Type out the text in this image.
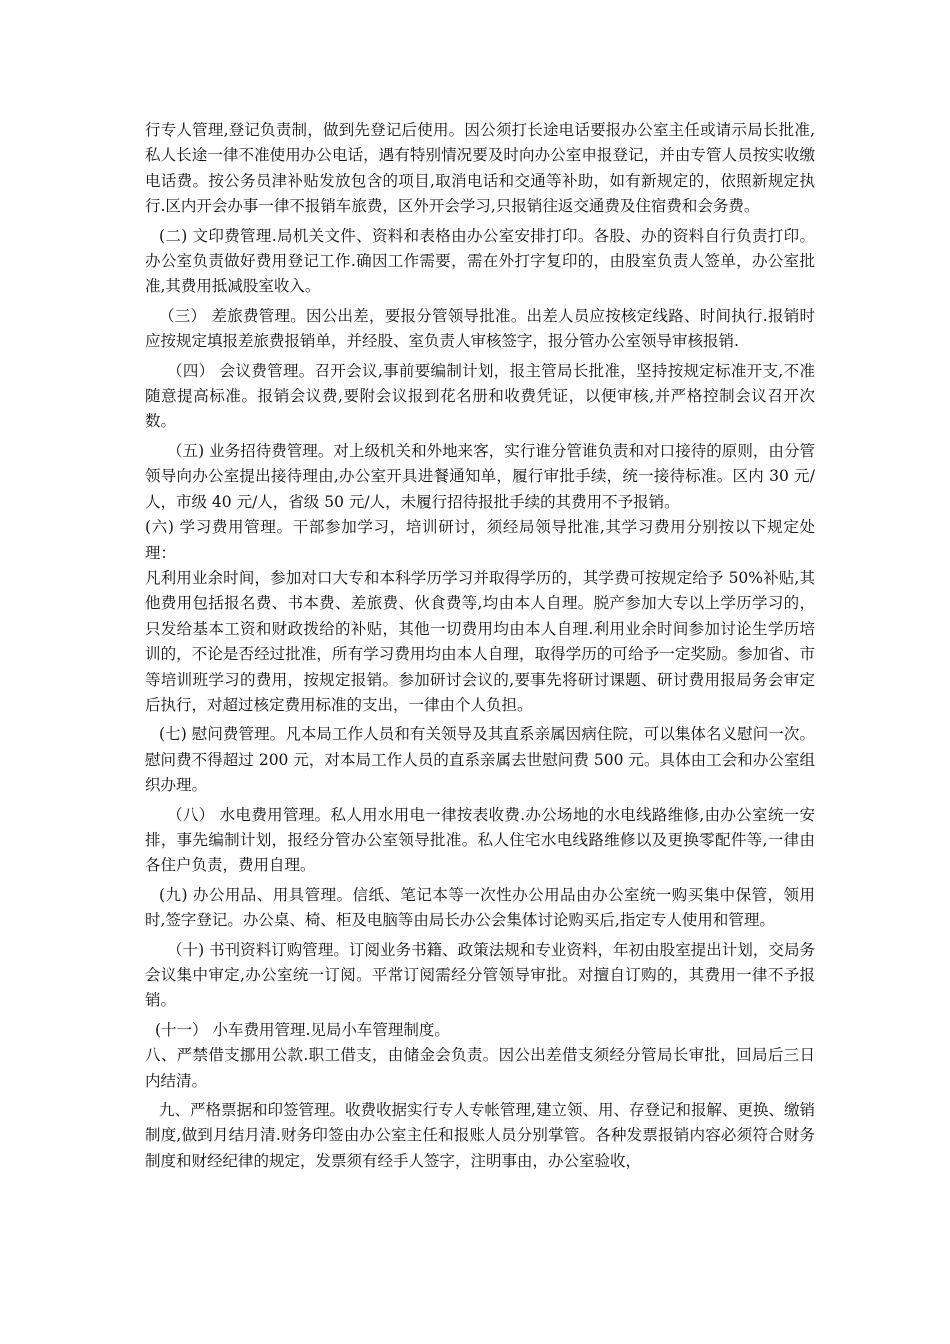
行专人管理,登记负责制，做到先登记后使用。因公须打长途电话要报办公室主任或请示局长批准,私人长途一律不准使用办公电话，遇有特别情况要及时向办公室申报登记，并由专管人员按实收缴电话费。按公务员津补贴发放包含的项目,取消电话和交通等补助，如有新规定的，依照新规定执行.区内开会办事一律不报销车旅费，区外开会学习,只报销往返交通费及住宿费和会务费。

(二) 文印费管理.局机关文件、资料和表格由办公室安排打印。各股、办的资料自行负责打印。办公室负责做好费用登记工作.确因工作需要，需在外打字复印的，由股室负责人签单，办公室批准,其费用抵减股室收入。

（三） 差旅费管理。因公出差，要报分管领导批准。出差人员应按核定线路、时间执行.报销时应按规定填报差旅费报销单，并经股、室负责人审核签字，报分管办公室领导审核报销.

（四） 会议费管理。召开会议,事前要编制计划，报主管局长批准，坚持按规定标准开支,不准随意提高标准。报销会议费,要附会议报到花名册和收费凭证，以便审核,并严格控制会议召开次数。

（五) 业务招待费管理。对上级机关和外地来客，实行谁分管谁负责和对口接待的原则，由分管领导向办公室提出接待理由,办公室开具进餐通知单，履行审批手续，统一接待标准。区内 30 元/人，市级 40 元/人，省级 50 元/人，未履行招待报批手续的其费用不予报销。

(六) 学习费用管理。干部参加学习，培训研讨，须经局领导批准,其学习费用分别按以下规定处理：

凡利用业余时间，参加对口大专和本科学历学习并取得学历的，其学费可按规定给予 50%补贴,其他费用包括报名费、书本费、差旅费、伙食费等,均由本人自理。脱产参加大专以上学历学习的，只发给基本工资和财政拨给的补贴，其他一切费用均由本人自理.利用业余时间参加讨论生学历培训的，不论是否经过批准，所有学习费用均由本人自理，取得学历的可给予一定奖励。参加省、市等培训班学习的费用，按规定报销。参加研讨会议的,要事先将研讨课题、研讨费用报局务会审定后执行，对超过核定费用标准的支出，一律由个人负担。

(七) 慰问费管理。凡本局工作人员和有关领导及其直系亲属因病住院，可以集体名义慰问一次。慰问费不得超过 200 元，对本局工作人员的直系亲属去世慰问费 500 元。具体由工会和办公室组织办理。

（八） 水电费用管理。私人用水用电一律按表收费.办公场地的水电线路维修,由办公室统一安排，事先编制计划，报经分管办公室领导批准。私人住宅水电线路维修以及更换零配件等,一律由各住户负责，费用自理。

(九) 办公用品、用具管理。信纸、笔记本等一次性办公用品由办公室统一购买集中保管，领用时,签字登记。办公桌、椅、柜及电脑等由局长办公会集体讨论购买后,指定专人使用和管理。

（十) 书刊资料订购管理。订阅业务书籍、政策法规和专业资料，年初由股室提出计划，交局务会议集中审定,办公室统一订阅。平常订阅需经分管领导审批。对擅自订购的，其费用一律不予报销。

(十一） 小车费用管理.见局小车管理制度。

八、严禁借支挪用公款.职工借支，由储金会负责。因公出差借支须经分管局长审批，回局后三日内结清。

九、严格票据和印签管理。收费收据实行专人专帐管理,建立领、用、存登记和报解、更换、缴销制度,做到月结月清.财务印签由办公室主任和报账人员分别掌管。各种发票报销内容必须符合财务制度和财经纪律的规定，发票须有经手人签字，注明事由，办公室验收，
